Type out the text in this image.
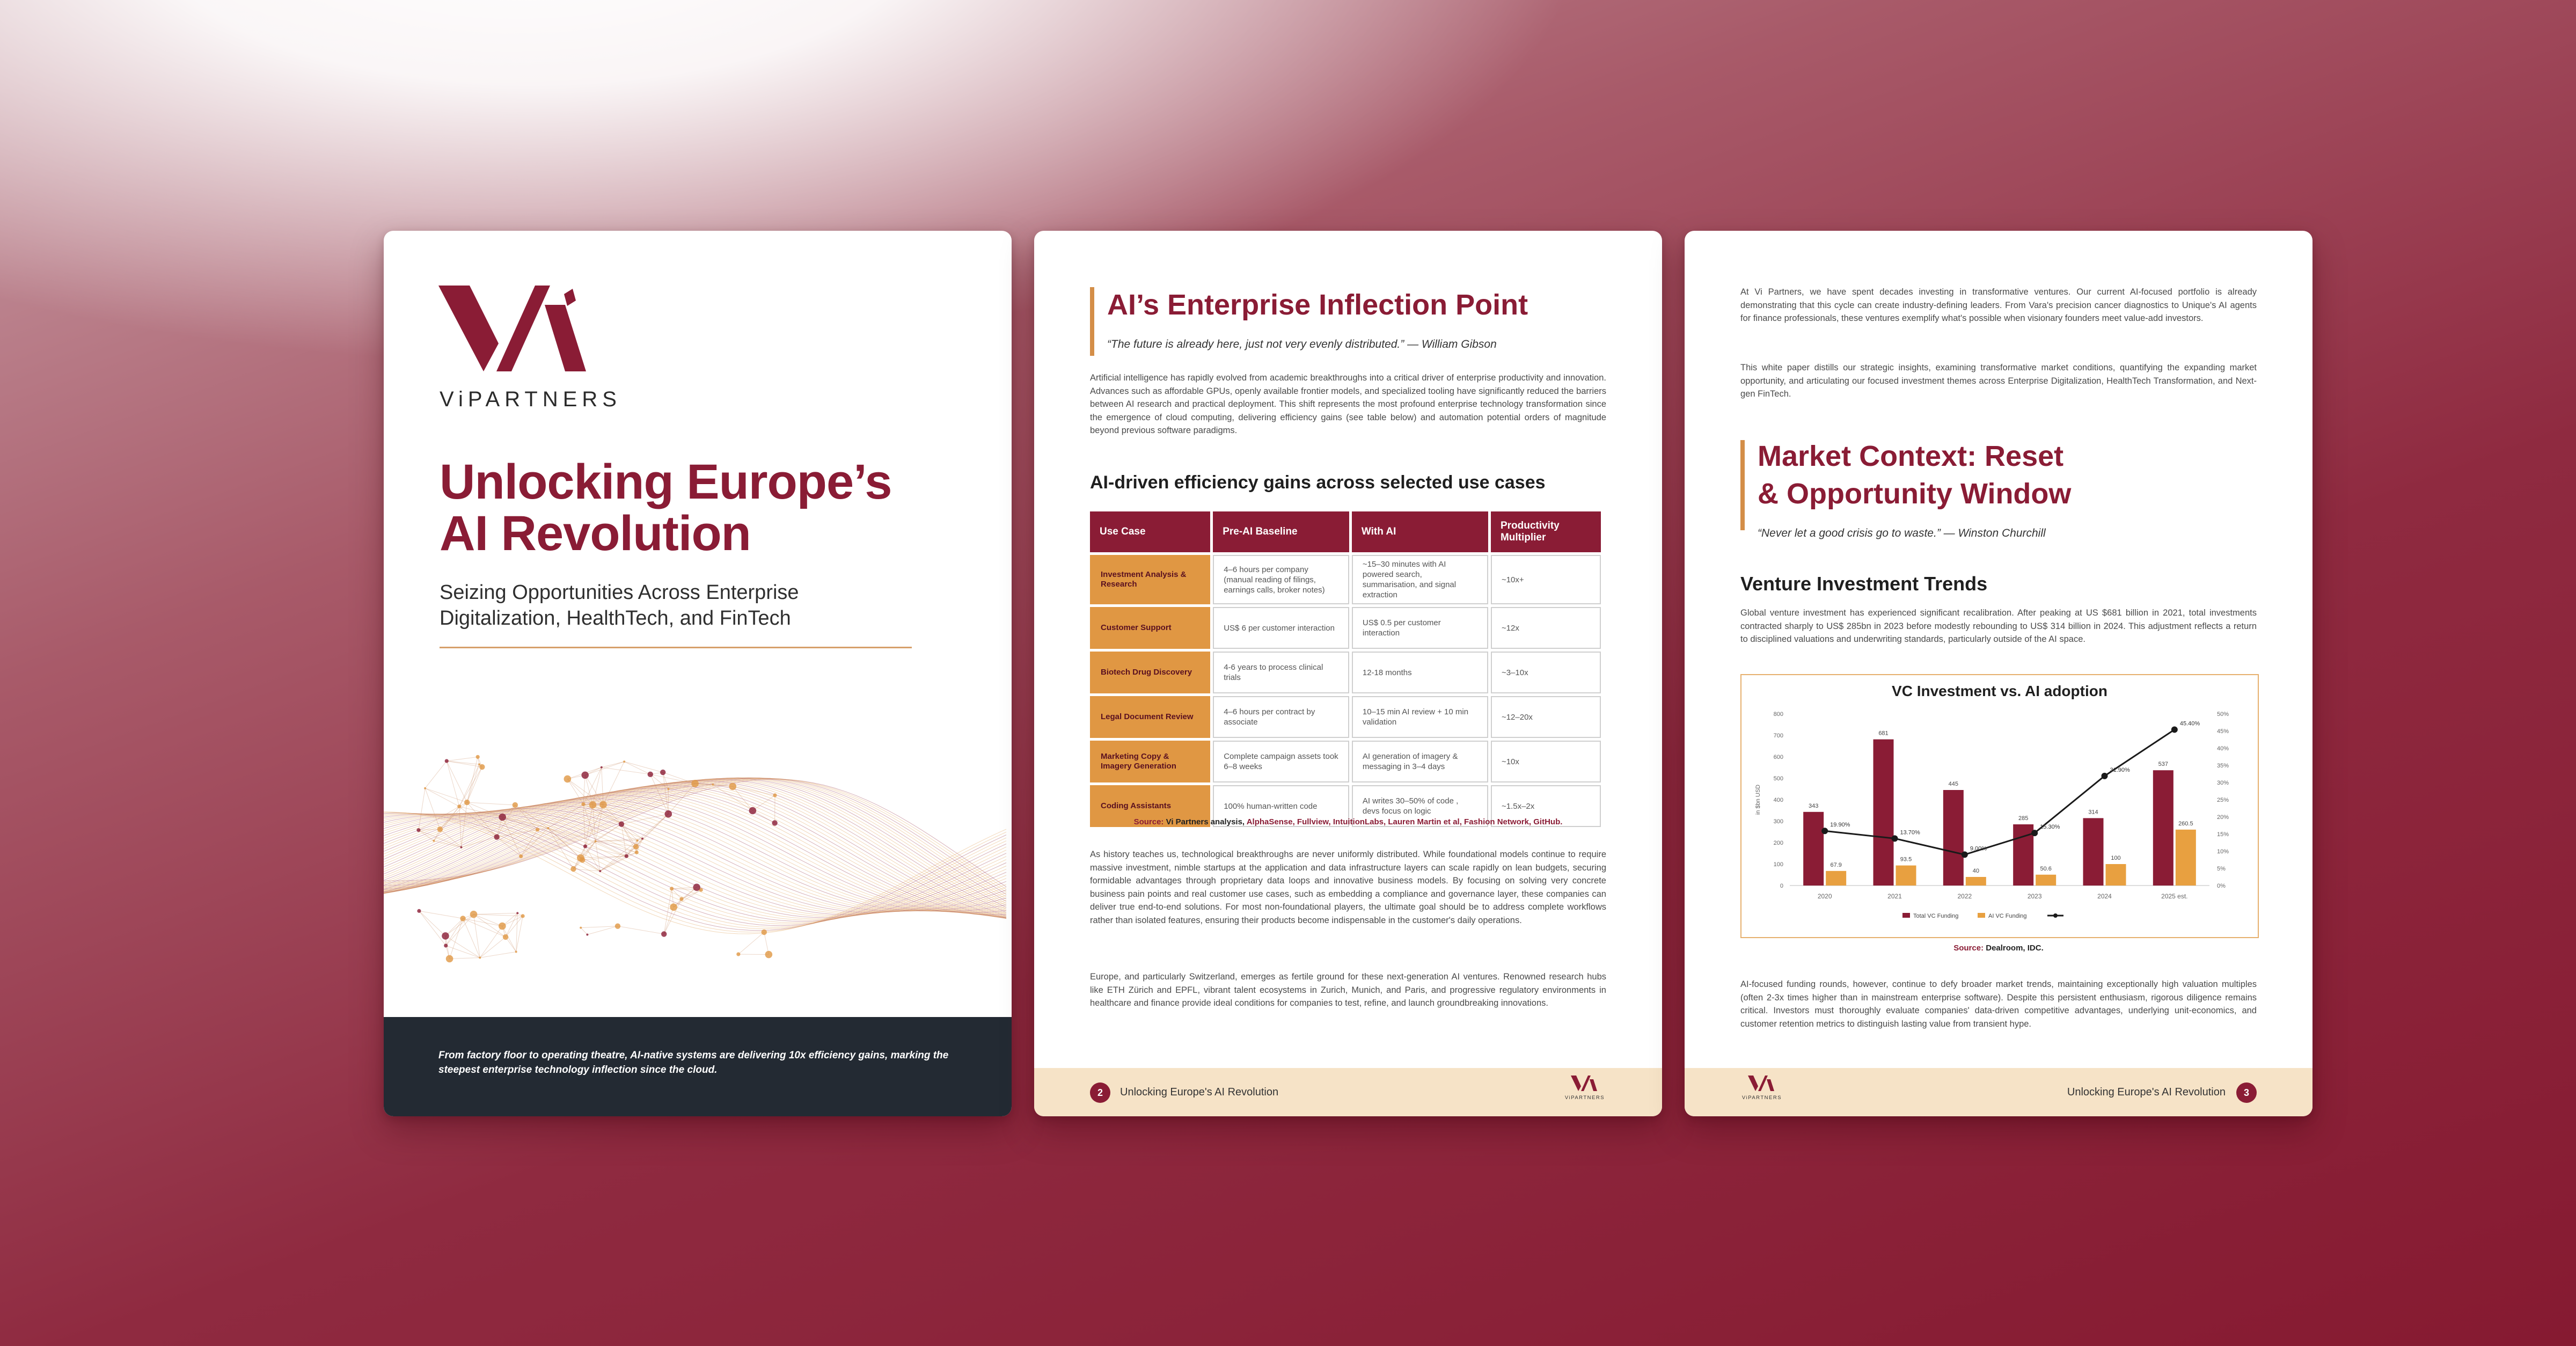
ViPARTNERS
Unlocking Europe’s
AI Revolution

Seizing Opportunities Across Enterprise Digitalization, HealthTech, and FinTech

From factory floor to operating theatre, AI-native systems are delivering 10x efficiency gains, marking the steepest enterprise technology inflection since the cloud.

AI’s Enterprise Inflection Point

“The future is already here, just not very evenly distributed.” — William Gibson

Artificial intelligence has rapidly evolved from academic breakthroughs into a critical driver of enterprise productivity and innovation. Advances such as affordable GPUs, openly available frontier models, and specialized tooling have significantly reduced the barriers between AI research and practical deployment. This shift represents the most profound enterprise technology transformation since the emergence of cloud computing, delivering efficiency gains (see table below) and automation potential orders of magnitude beyond previous software paradigms.

AI-driven efficiency gains across selected use cases
Use Case	Pre-AI Baseline	With AI	Productivity Multiplier
Investment Analysis & Research	4–6 hours per company (manual reading of filings, earnings calls, broker notes)	~15–30 minutes with AI powered search, summarisation, and signal extraction	~10x+
Customer Support	US$ 6 per customer interaction	US$ 0.5 per customer interaction	~12x
Biotech Drug Discovery	4-6 years to process clinical trials	12-18 months	~3–10x
Legal Document Review	4–6 hours per contract by associate	10–15 min AI review + 10 min validation	~12–20x
Marketing Copy & Imagery Generation	Complete campaign assets took 6–8 weeks	AI generation of imagery & messaging in 3–4 days	~10x
Coding Assistants	100% human-written code	AI writes 30–50% of code , devs focus on logic	~1.5x–2x

Source: Vi Partners analysis, AlphaSense, Fullview, IntuitionLabs, Lauren Martin et al, Fashion Network, GitHub.

As history teaches us, technological breakthroughs are never uniformly distributed. While foundational models continue to require massive investment, nimble startups at the application and data infrastructure layers can scale rapidly on lean budgets, securing formidable advantages through proprietary data loops and innovative business models. By focusing on solving very concrete business pain points and real customer use cases, such as embedding a compliance and governance layer, these companies can deliver true end-to-end solutions. For most non-foundational players, the ultimate goal should be to address complete workflows rather than isolated features, ensuring their products become indispensable in the customer's daily operations.

Europe, and particularly Switzerland, emerges as fertile ground for these next-generation AI ventures. Renowned research hubs like ETH Zürich and EPFL, vibrant talent ecosystems in Zurich, Munich, and Paris, and progressive regulatory environments in healthcare and finance provide ideal conditions for companies to test, refine, and launch groundbreaking innovations.

2	Unlocking Europe's AI Revolution	ViPARTNERS

At Vi Partners, we have spent decades investing in transformative ventures. Our current AI-focused portfolio is already demonstrating that this cycle can create industry-defining leaders. From Vara's precision cancer diagnostics to Unique's AI agents for finance professionals, these ventures exemplify what's possible when visionary founders meet value-add investors.

This white paper distills our strategic insights, examining transformative market conditions, quantifying the expanding market opportunity, and articulating our focused investment themes across Enterprise Digitalization, HealthTech Transformation, and Next-gen FinTech.

Market Context: Reset
& Opportunity Window

“Never let a good crisis go to waste.” — Winston Churchill

Venture Investment Trends

Global venture investment has experienced significant recalibration. After peaking at US $681 billion in 2021, total investments contracted sharply to US$ 285bn in 2023 before modestly rebounding to US$ 314 billion in 2024. This adjustment reflects a return to disciplined valuations and underwriting standards, particularly outside of the AI space.

VC Investment vs. AI adoption

0
100
200
300
400
500
600
700
800
0%
5%
10%
15%
20%
25%
30%
35%
40%
45%
50%
in $bn USD	343
67.9
2020
681
93.5
2021
445
40
2022
285
50.6
2023
314
100
2024
537
260.5
2025 est.
19.90%
13.70%
9.00%
15.30%
31.90%
45.40%
Total VC Funding	AI VC Funding
ViPARTNERS	Unlocking Europe's AI Revolution	3

Source: Dealroom, IDC.

AI-focused funding rounds, however, continue to defy broader market trends, maintaining exceptionally high valuation multiples (often 2-3x times higher than in mainstream enterprise software). Despite this persistent enthusiasm, rigorous diligence remains critical. Investors must thoroughly evaluate companies' data-driven competitive advantages, underlying unit-economics, and customer retention metrics to distinguish lasting value from transient hype.
